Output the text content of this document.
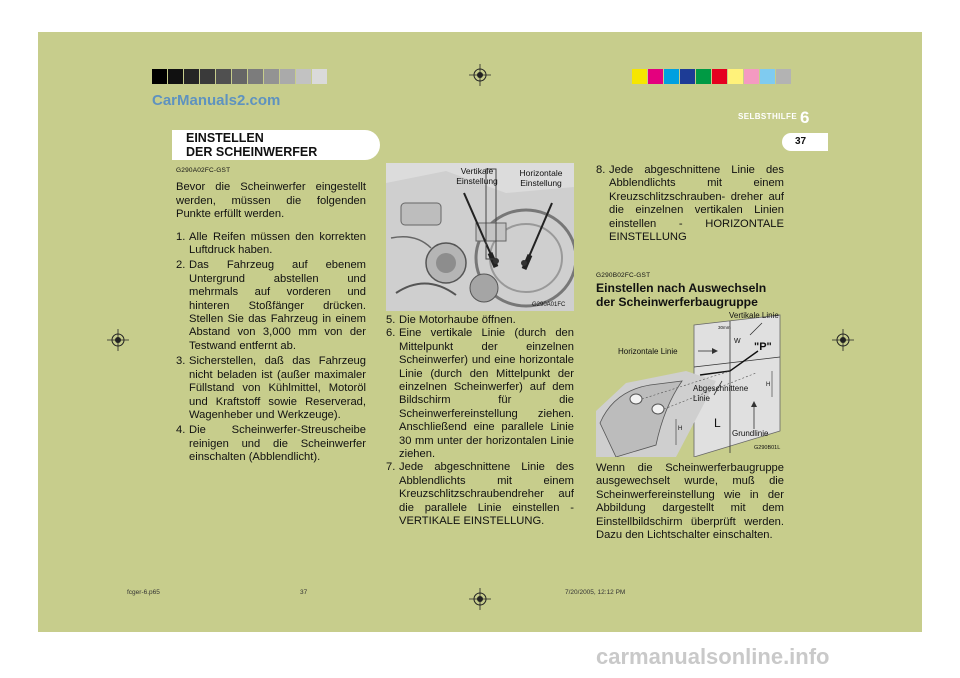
CarManuals2.com
SELBSTHILFE 6
37
EINSTELLEN
DER SCHEINWERFER
G290A02FC-GST

Bevor die Scheinwerfer eingestellt werden, müssen die folgenden Punkte erfüllt werden.

1. Alle Reifen müssen den korrekten Luftdruck haben.
2. Das Fahrzeug auf ebenem Untergrund abstellen und mehrmals auf vorderen und hinteren Stoßfänger drücken. Stellen Sie das Fahrzeug in einem Abstand von 3,000 mm von der Testwand entfernt ab.
3. Sicherstellen, daß das Fahrzeug nicht beladen ist (außer maximaler Füllstand von Kühlmittel, Motoröl und Kraftstoff sowie Reserverad, Wagenheber und Werkzeuge).
4. Die Scheinwerfer-Streuscheibe reinigen und die Scheinwerfer einschalten (Abblendlicht).
Vertikale Einstellung
Horizontale Einstellung
G290A01FC
5. Die Motorhaube öffnen.
6. Eine vertikale Linie (durch den Mittelpunkt der einzelnen Scheinwerfer) und eine horizontale Linie (durch den Mittelpunkt der einzelnen Scheinwerfer) auf dem Bildschirm für die Scheinwerfereinstellung ziehen. Anschließend eine parallele Linie 30 mm unter der horizontalen Linie ziehen.
7. Jede abgeschnittene Linie des Abblendlichts mit einem Kreuzschlitzschraubendreher auf die parallele Linie einstellen - VERTIKALE EINSTELLUNG.
8. Jede abgeschnittene Linie des Abblendlichts mit einem Kreuzschlitzschrauben- dreher auf die einzelnen vertikalen Linien einstellen - HORIZONTALE EINSTELLUNG
G290B02FC-GST
Einstellen nach Auswechseln der Scheinwerferbaugruppe
Vertikale Linie
30mm
W "P"
Horizontale Linie
Abgeschnittene Linie
H
H	L
Grundlinie
G290B01L

Wenn die Scheinwerferbaugruppe ausgewechselt wurde, muß die Scheinwerfereinstellung wie in der Abbildung dargestellt mit dem Einstellbildschirm überprüft werden. Dazu den Lichtschalter einschalten.

fcger-6.p65	37	7/20/2005, 12:12 PM
carmanualsonline.info
